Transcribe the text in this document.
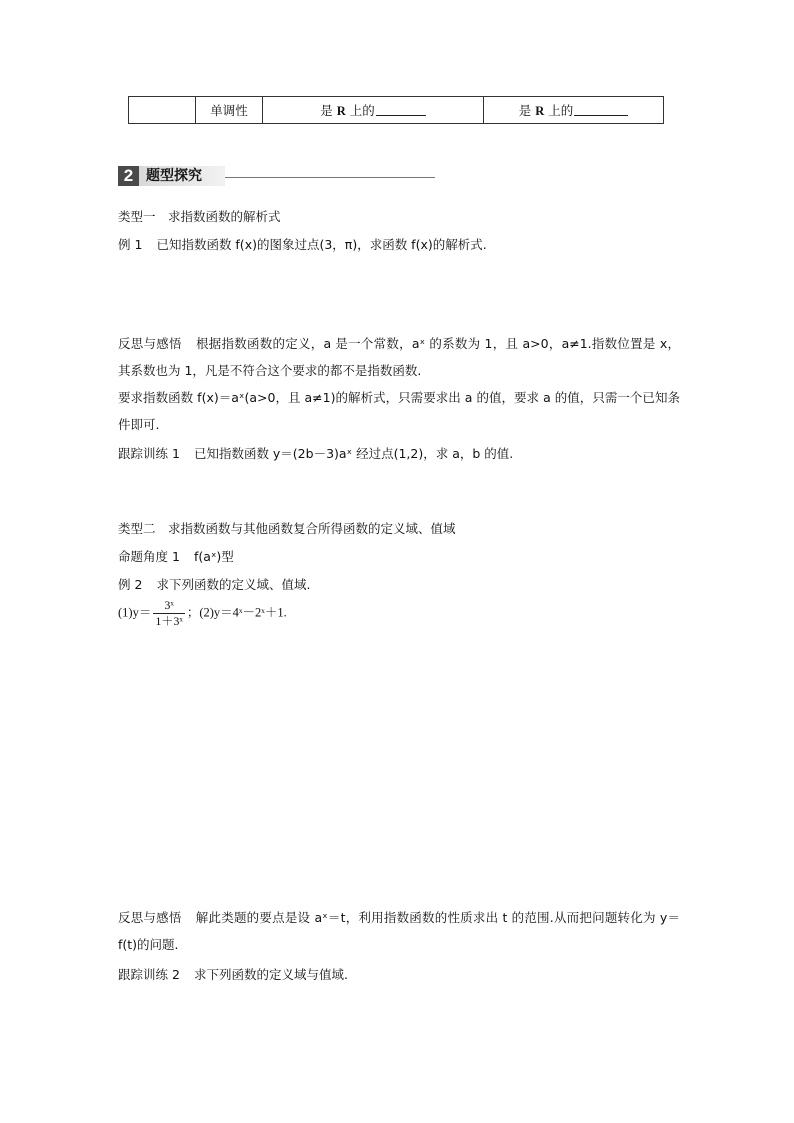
	单调性	是 R 上的	是 R 上的
2 题型探究
类型一　求指数函数的解析式
例 1 已知指数函数 f(x)的图象过点(3，π)，求函数 f(x)的解析式.
反思与感悟 根据指数函数的定义，a 是一个常数，aˣ 的系数为 1，且 a>0，a≠1.指数位置是 x，其系数也为 1，凡是不符合这个要求的都不是指数函数.
要求指数函数 f(x)＝aˣ(a>0，且 a≠1)的解析式，只需要求出 a 的值，要求 a 的值，只需一个已知条件即可.
跟踪训练 1 已知指数函数 y＝(2b－3)aˣ 经过点(1,2)，求 a，b 的值.
类型二　求指数函数与其他函数复合所得函数的定义域、值域
命题角度 1 f(aˣ)型
例 2 求下列函数的定义域、值域.
$(1)y= \frac{\text{3ˣ}}{\text{1＋3ˣ}}$ ；(2)y＝4ˣ－2ˣ＋1.
反思与感悟 解此类题的要点是设 aˣ＝t，利用指数函数的性质求出 t 的范围.从而把问题转化为 y＝f(t)的问题.
跟踪训练 2 求下列函数的定义域与值域.
